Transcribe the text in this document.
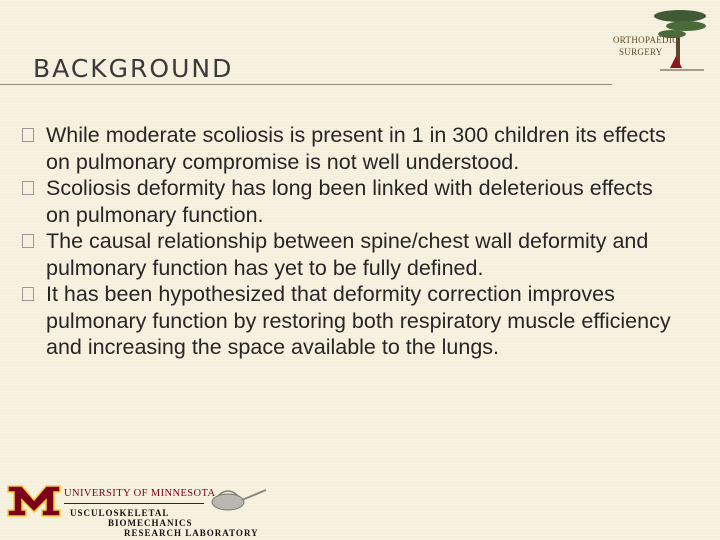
BACKGROUND
ORTHOPAEDIC
SURGERY
While moderate scoliosis is present in 1 in 300 children its effects on pulmonary compromise is not well understood.
Scoliosis deformity has long been linked with deleterious effects on pulmonary function.
The causal relationship between spine/chest wall deformity and pulmonary function has yet to be fully defined.
It has been hypothesized that deformity correction improves pulmonary function by restoring both respiratory muscle efficiency and increasing the space available to the lungs.
UNIVERSITY OF MINNESOTA
USCULOSKELETAL
BIOMECHANICS
RESEARCH LABORATORY
